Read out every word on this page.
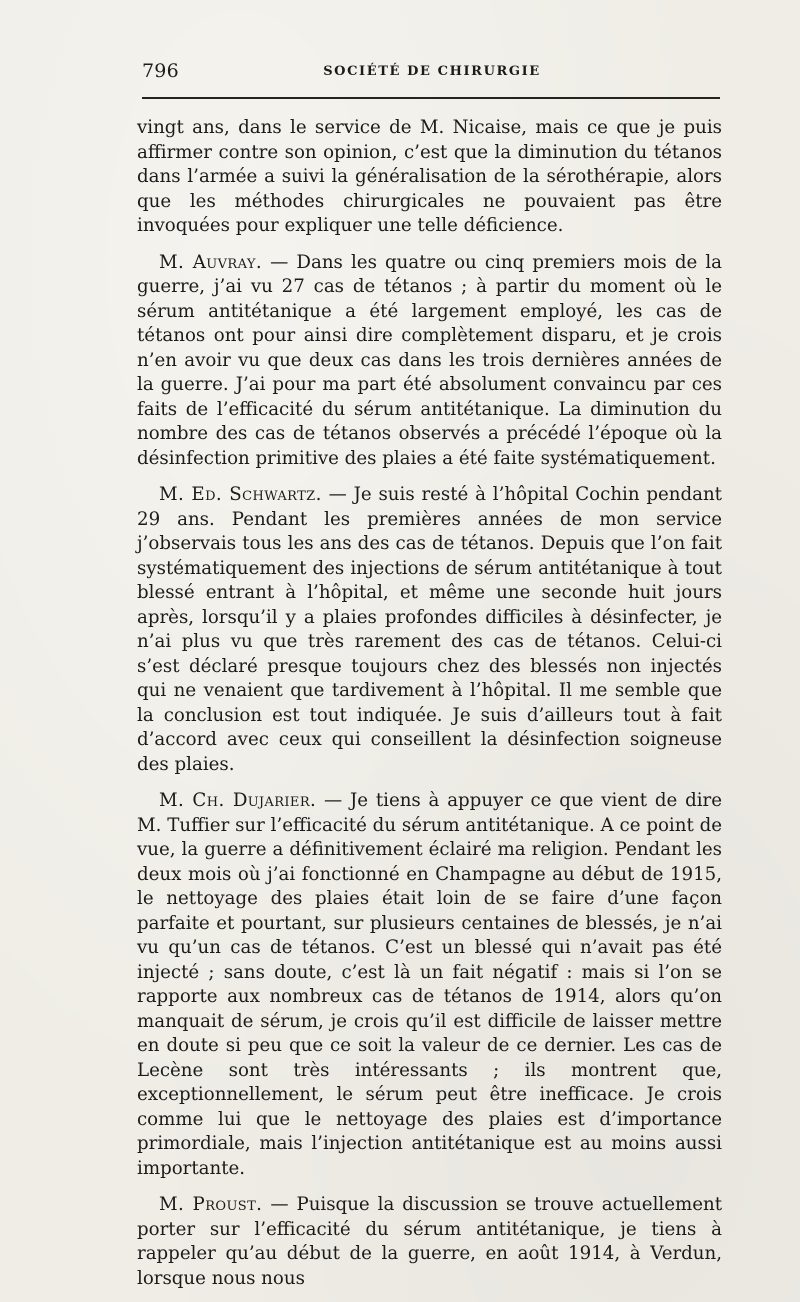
796	SOCIÉTÉ DE CHIRURGIE

vingt ans, dans le service de M. Nicaise, mais ce que je puis affirmer contre son opinion, c’est que la diminution du tétanos dans l’armée a suivi la généralisation de la sérothérapie, alors que les méthodes chirurgicales ne pouvaient pas être invoquées pour expliquer une telle déficience.

M. Auvray. — Dans les quatre ou cinq premiers mois de la guerre, j’ai vu 27 cas de tétanos ; à partir du moment où le sérum antitétanique a été largement employé, les cas de tétanos ont pour ainsi dire complètement disparu, et je crois n’en avoir vu que deux cas dans les trois dernières années de la guerre. J’ai pour ma part été absolument convaincu par ces faits de l’efficacité du sérum antitétanique. La diminution du nombre des cas de tétanos observés a précédé l’époque où la désinfection primitive des plaies a été faite systématiquement.

M. Ed. Schwartz. — Je suis resté à l’hôpital Cochin pendant 29 ans. Pendant les premières années de mon service j’observais tous les ans des cas de tétanos. Depuis que l’on fait systématiquement des injections de sérum antitétanique à tout blessé entrant à l’hôpital, et même une seconde huit jours après, lorsqu’il y a plaies profondes difficiles à désinfecter, je n’ai plus vu que très rarement des cas de tétanos. Celui-ci s’est déclaré presque toujours chez des blessés non injectés qui ne venaient que tardivement à l’hôpital. Il me semble que la conclusion est tout indiquée. Je suis d’ailleurs tout à fait d’accord avec ceux qui conseillent la désinfection soigneuse des plaies.

M. Ch. Dujarier. — Je tiens à appuyer ce que vient de dire M. Tuffier sur l’efficacité du sérum antitétanique. A ce point de vue, la guerre a définitivement éclairé ma religion. Pendant les deux mois où j’ai fonctionné en Champagne au début de 1915, le nettoyage des plaies était loin de se faire d’une façon parfaite et pourtant, sur plusieurs centaines de blessés, je n’ai vu qu’un cas de tétanos. C’est un blessé qui n’avait pas été injecté ; sans doute, c’est là un fait négatif : mais si l’on se rapporte aux nombreux cas de tétanos de 1914, alors qu’on manquait de sérum, je crois qu’il est difficile de laisser mettre en doute si peu que ce soit la valeur de ce dernier. Les cas de Lecène sont très intéressants ; ils montrent que, exceptionnellement, le sérum peut être inefficace. Je crois comme lui que le nettoyage des plaies est d’importance primordiale, mais l’injection antitétanique est au moins aussi importante.

M. Proust. — Puisque la discussion se trouve actuellement porter sur l’efficacité du sérum antitétanique, je tiens à rappeler qu’au début de la guerre, en août 1914, à Verdun, lorsque nous nous
